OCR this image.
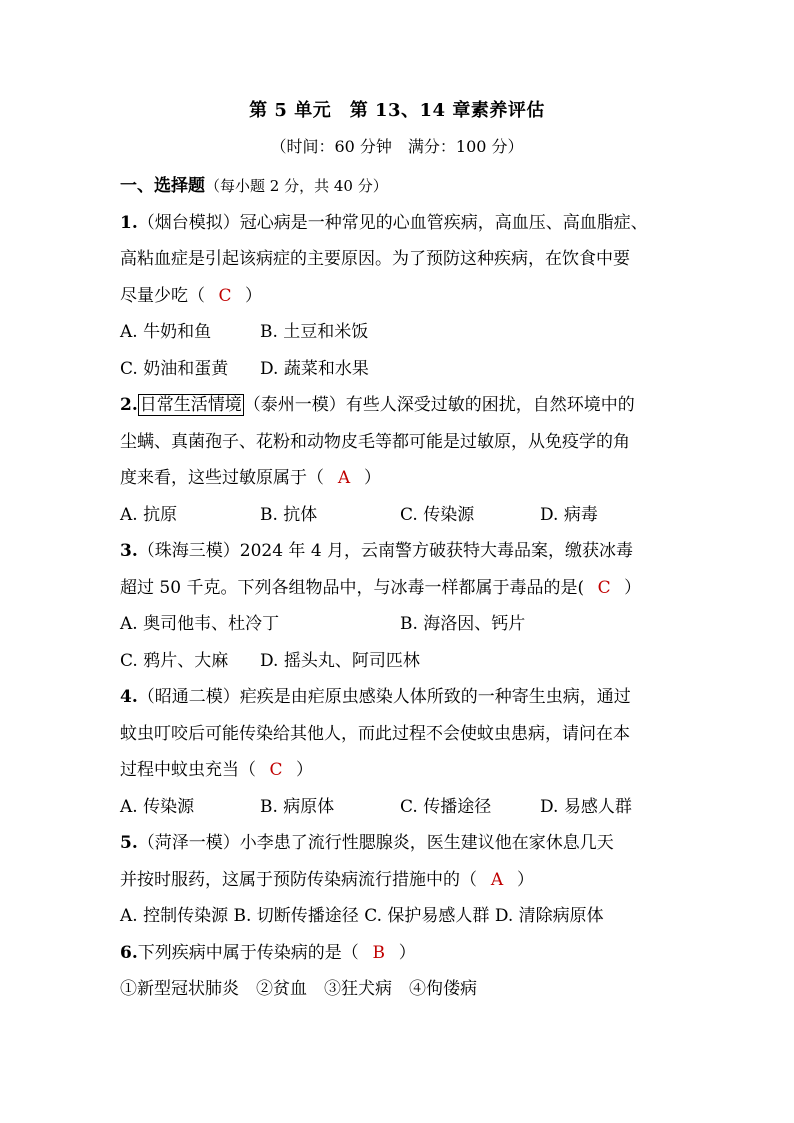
第 5 单元　第 13、14 章素养评估
（时间：60 分钟　满分：100 分）
一、选择题（每小题 2 分，共 40 分）
1.（烟台模拟）冠心病是一种常见的心血管疾病，高血压、高血脂症、
高粘血症是引起该病症的主要原因。为了预防这种疾病，在饮食中要
尽量少吃（ C ）
A. 牛奶和鱼	B. 土豆和米饭
C. 奶油和蛋黄 D. 蔬菜和水果
2. 日常生活情境 （泰州一模）有些人深受过敏的困扰，自然环境中的
尘螨、真菌孢子、花粉和动物皮毛等都可能是过敏原，从免疫学的角
度来看，这些过敏原属于（ A ）
A. 抗原	B. 抗体	C. 传染源	D. 病毒
3.（珠海三模）2024 年 4 月，云南警方破获特大毒品案，缴获冰毒
超过 50 千克。下列各组物品中，与冰毒一样都属于毒品的是( C ）
A. 奥司他韦、杜冷丁	B. 海洛因、钙片
C. 鸦片、大麻 D. 摇头丸、阿司匹林
4.（昭通二模）疟疾是由疟原虫感染人体所致的一种寄生虫病，通过
蚊虫叮咬后可能传染给其他人，而此过程不会使蚊虫患病，请问在本
过程中蚊虫充当（ C ）
A. 传染源	B. 病原体	C. 传播途径	D. 易感人群
5.（菏泽一模）小李患了流行性腮腺炎，医生建议他在家休息几天
并按时服药，这属于预防传染病流行措施中的（ A ）
A. 控制传染源 B. 切断传播途径 C. 保护易感人群 D. 清除病原体
6.下列疾病中属于传染病的是（ B ）
①新型冠状肺炎　②贫血　③狂犬病　④佝偻病
